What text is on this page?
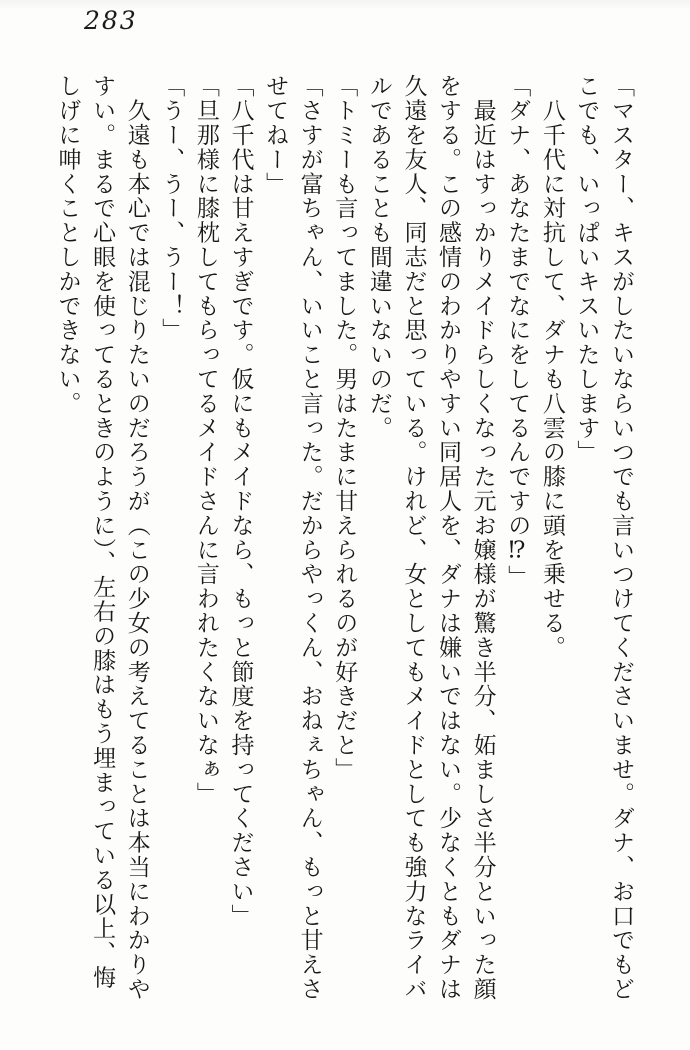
283

「マスター、キスがしたいならいつでも言いつけてくださいませ。ダナ、お口でもどこでも、いっぱいキスいたします」

　八千代に対抗して、ダナも八雲の膝に頭を乗せる。

「ダナ、あなたまでなにをしてるんですの⁉」

　最近はすっかりメイドらしくなった元お嬢様が驚き半分、妬ましさ半分といった顔をする。この感情のわかりやすい同居人を、ダナは嫌いではない。少なくともダナは久遠を友人、同志だと思っている。けれど、女としてもメイドとしても強力なライバルであることも間違いないのだ。

「トミーも言ってました。男はたまに甘えられるのが好きだと」

「さすが富ちゃん、いいこと言った。だからやっくん、おねぇちゃん、もっと甘えさせてねー」

「八千代は甘えすぎです。仮にもメイドなら、もっと節度を持ってください」

「旦那様に膝枕してもらってるメイドさんに言われたくないなぁ」

「うー、うー、うー！」

　久遠も本心では混じりたいのだろうが（この少女の考えてることは本当にわかりやすい。まるで心眼を使ってるときのように）、左右の膝はもう埋まっている以上、悔しげに呻くことしかできない。
